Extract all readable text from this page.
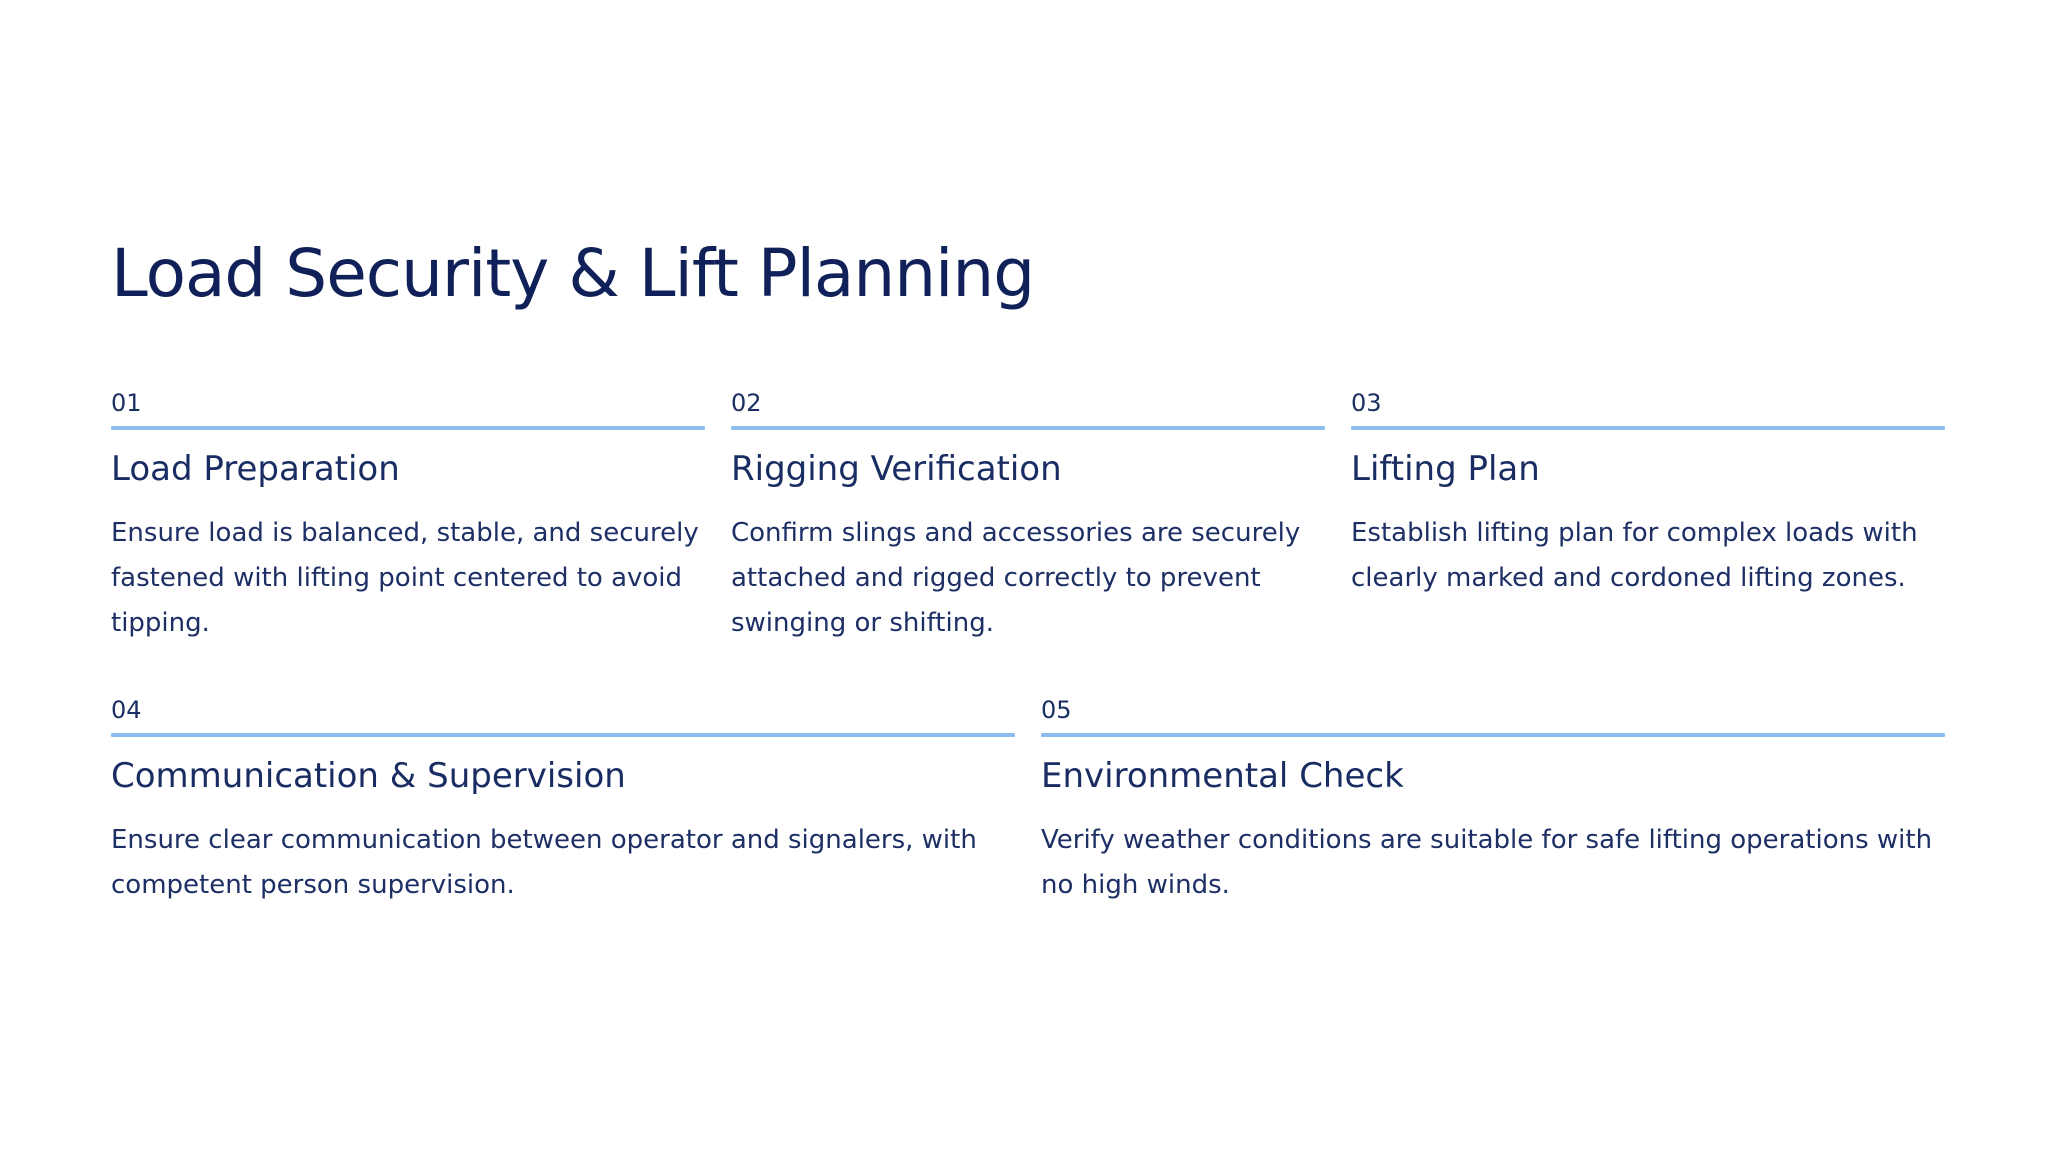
Load Security & Lift Planning
01
Load Preparation

Ensure load is balanced, stable, and securely fastened with lifting point centered to avoid tipping.

02
Rigging Verification

Confirm slings and accessories are securely attached and rigged correctly to prevent swinging or shifting.

03
Lifting Plan

Establish lifting plan for complex loads with clearly marked and cordoned lifting zones.

04
Communication & Supervision

Ensure clear communication between operator and signalers, with competent person supervision.

05
Environmental Check

Verify weather conditions are suitable for safe lifting operations with no high winds.
